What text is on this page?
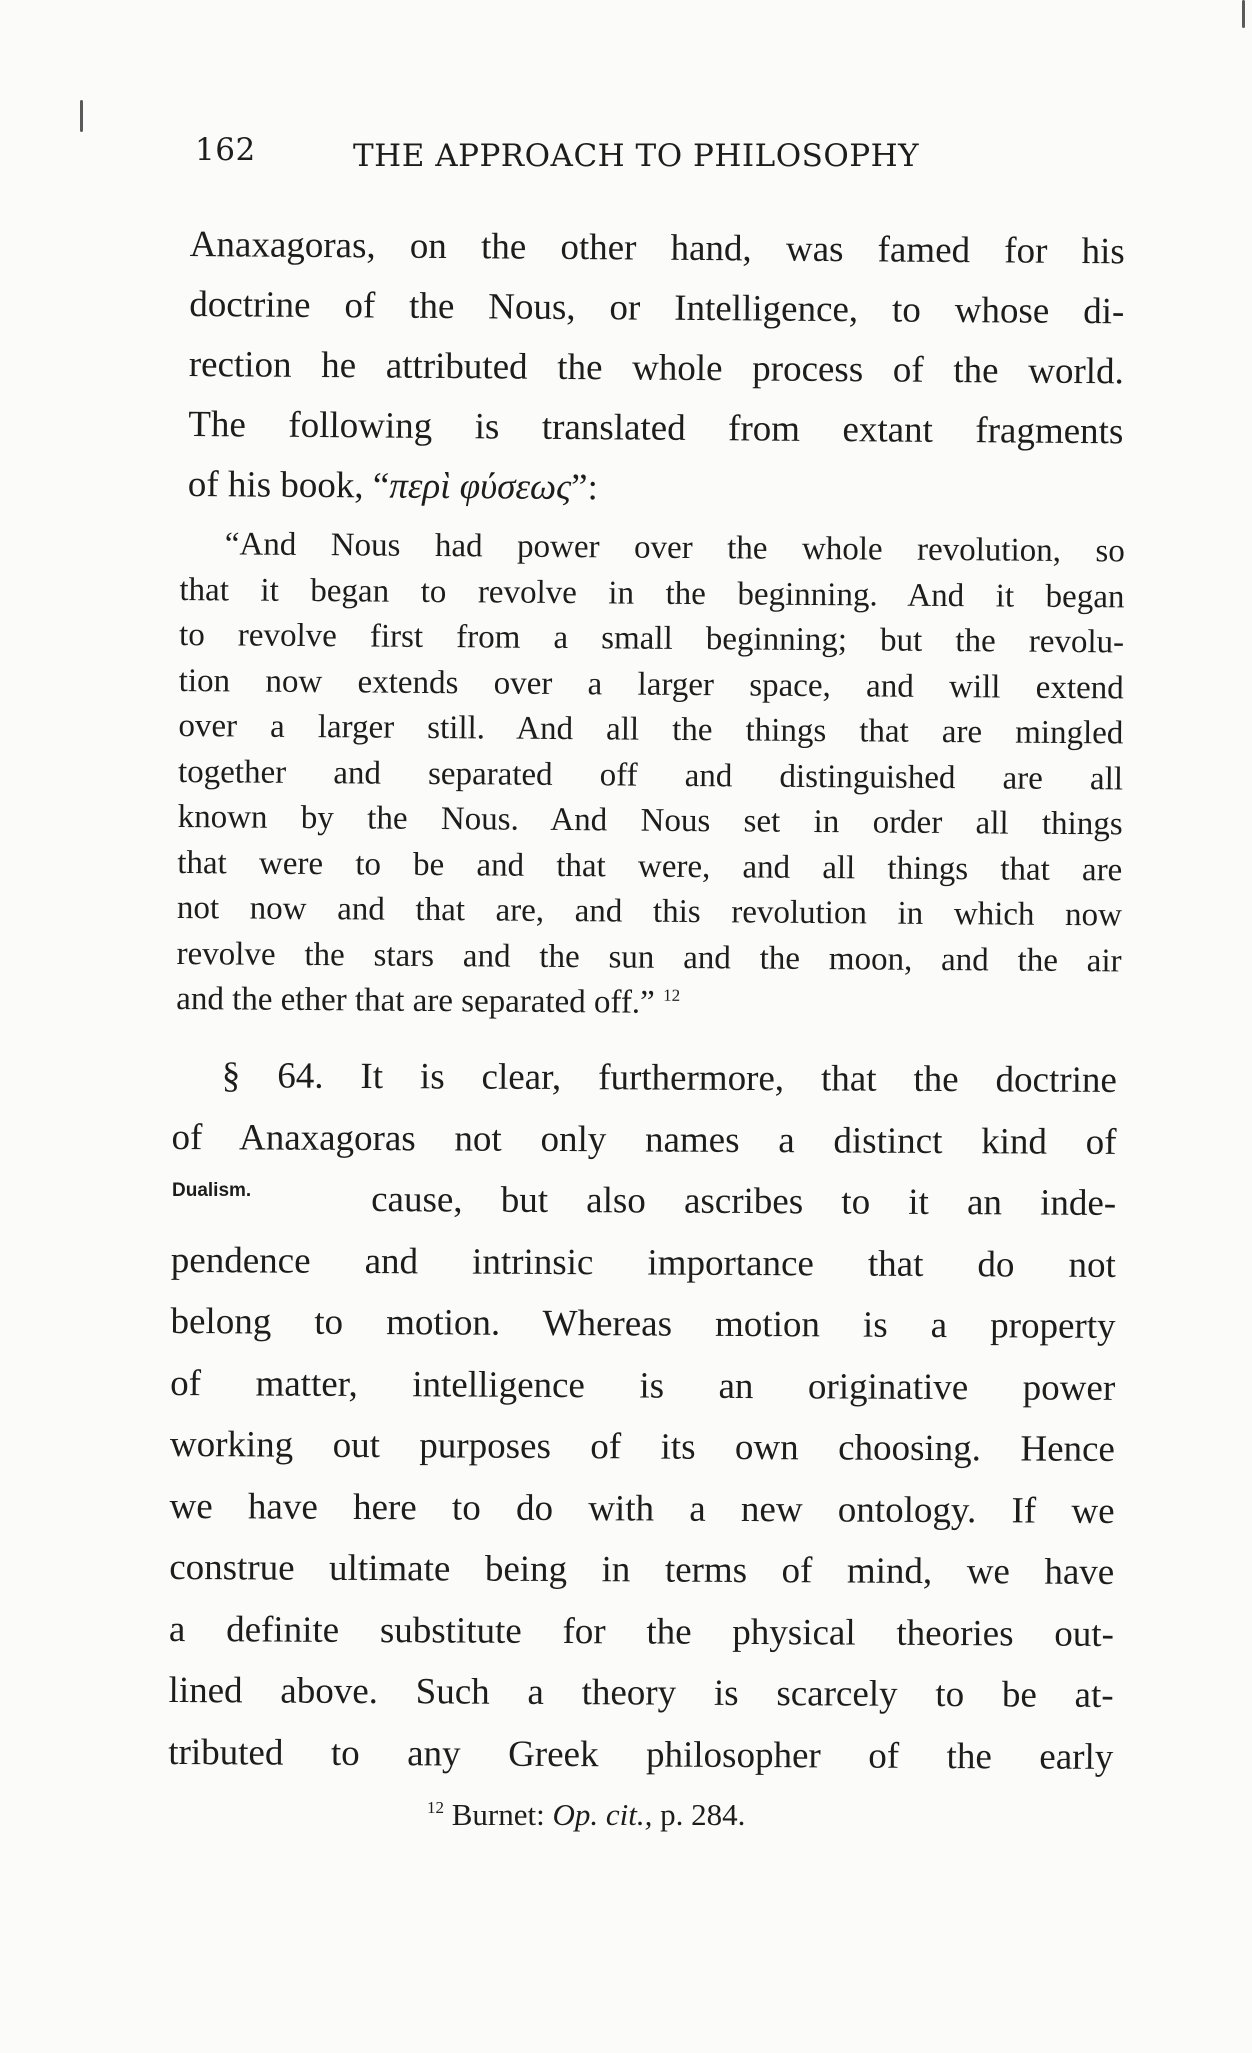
162	THE APPROACH TO PHILOSOPHY
Anaxagoras, on the other hand, was famed for his
doctrine of the Nous, or Intelligence, to whose di-
rection he attributed the whole process of the world.
The following is translated from extant fragments
of his book, “περὶ φύσεως”:
“And Nous had power over the whole revolution, so
that it began to revolve in the beginning. And it began
to revolve first from a small beginning; but the revolu-
tion now extends over a larger space, and will extend
over a larger still. And all the things that are mingled
together and separated off and distinguished are all
known by the Nous. And Nous set in order all things
that were to be and that were, and all things that are
not now and that are, and this revolution in which now
revolve the stars and the sun and the moon, and the air
and the ether that are separated off.” $^{12}$
Dualism.
§ 64. It is clear, furthermore, that the doctrine
of Anaxagoras not only names a distinct kind of
cause, but also ascribes to it an inde-
pendence and intrinsic importance that do not
belong to motion. Whereas motion is a property
of matter, intelligence is an originative power
working out purposes of its own choosing. Hence
we have here to do with a new ontology. If we
construe ultimate being in terms of mind, we have
a definite substitute for the physical theories out-
lined above. Such a theory is scarcely to be at-
tributed to any Greek philosopher of the early
$^{12}$ Burnet: Op. cit., p. 284.
